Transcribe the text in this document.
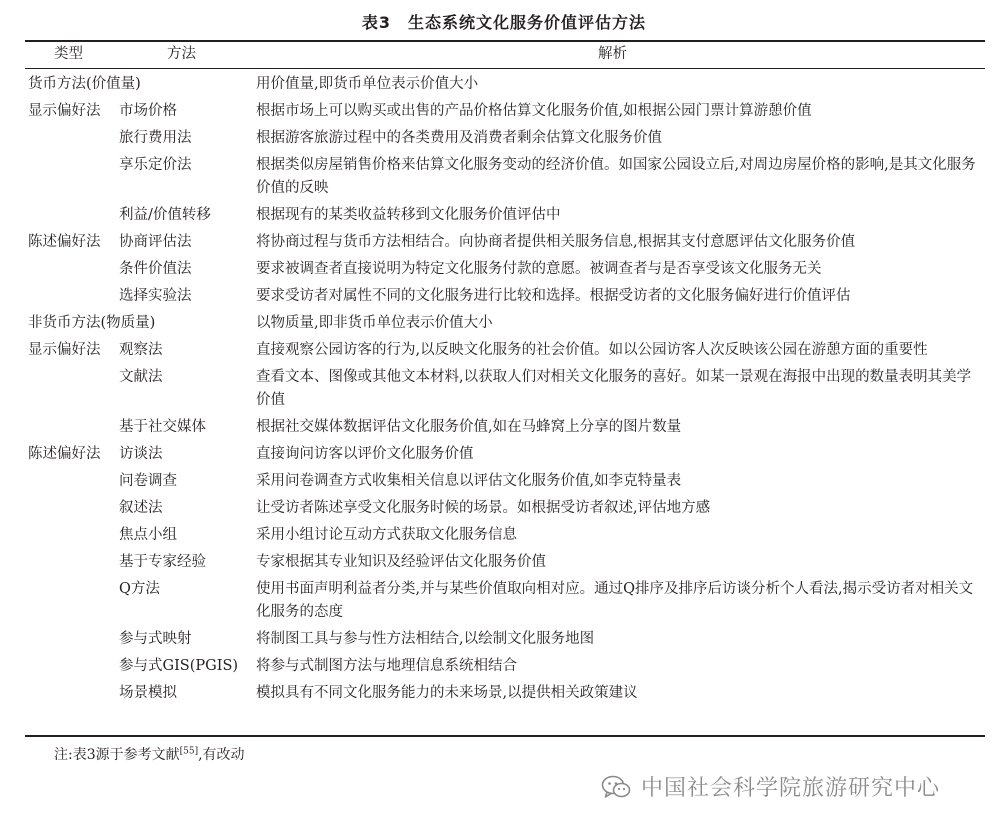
表3　生态系统文化服务价值评估方法
类型	方法	解析
货币方法(价值量)		用价值量,即货币单位表示价值大小
显示偏好法	市场价格	根据市场上可以购买或出售的产品价格估算文化服务价值,如根据公园门票计算游憩价值
	旅行费用法	根据游客旅游过程中的各类费用及消费者剩余估算文化服务价值
	享乐定价法	根据类似房屋销售价格来估算文化服务变动的经济价值。如国家公园设立后,对周边房屋价格的影响,是其文化服务价值的反映
	利益/价值转移	根据现有的某类收益转移到文化服务价值评估中
陈述偏好法	协商评估法	将协商过程与货币方法相结合。向协商者提供相关服务信息,根据其支付意愿评估文化服务价值
	条件价值法	要求被调查者直接说明为特定文化服务付款的意愿。被调查者与是否享受该文化服务无关
	选择实验法	要求受访者对属性不同的文化服务进行比较和选择。根据受访者的文化服务偏好进行价值评估
非货币方法(物质量)		以物质量,即非货币单位表示价值大小
显示偏好法	观察法	直接观察公园访客的行为,以反映文化服务的社会价值。如以公园访客人次反映该公园在游憩方面的重要性
	文献法	查看文本、图像或其他文本材料,以获取人们对相关文化服务的喜好。如某一景观在海报中出现的数量表明其美学价值
	基于社交媒体	根据社交媒体数据评估文化服务价值,如在马蜂窝上分享的图片数量
陈述偏好法	访谈法	直接询问访客以评价文化服务价值
	问卷调查	采用问卷调查方式收集相关信息以评估文化服务价值,如李克特量表
	叙述法	让受访者陈述享受文化服务时候的场景。如根据受访者叙述,评估地方感
	焦点小组	采用小组讨论互动方式获取文化服务信息
	基于专家经验	专家根据其专业知识及经验评估文化服务价值
	Q方法	使用书面声明利益者分类,并与某些价值取向相对应。通过Q排序及排序后访谈分析个人看法,揭示受访者对相关文化服务的态度
	参与式映射	将制图工具与参与性方法相结合,以绘制文化服务地图
	参与式GIS(PGIS)	将参与式制图方法与地理信息系统相结合
	场景模拟	模拟具有不同文化服务能力的未来场景,以提供相关政策建议
注:表3源于参考文献[55],有改动
中国社会科学院旅游研究中心
